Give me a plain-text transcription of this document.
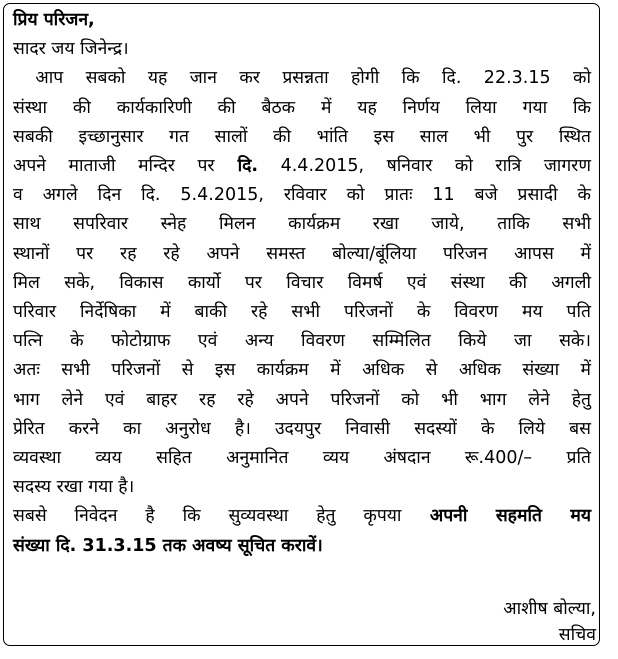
प्रिय परिजन,
सादर जय जिनेन्द्र।
आप सबको यह जान कर प्रसन्नता होगी कि दि. 22.3.15 को
संस्था की कार्यकारिणी की बैठक में यह निर्णय लिया गया कि
सबकी इच्छानुसार गत सालों की भांति इस साल भी पुर स्थित
अपने माताजी मन्दिर पर दि. 4.4.2015, षनिवार को रात्रि जागरण
व अगले दिन दि. 5.4.2015, रविवार को प्रातः 11 बजे प्रसादी के
साथ सपरिवार स्नेह मिलन कार्यक्रम रखा जाये, ताकि सभी
स्थानों पर रह रहे अपने समस्त बोल्या/बूंलिया परिजन आपस में
मिल सके, विकास कार्यो पर विचार विमर्ष एवं संस्था की अगली
परिवार निर्देषिका में बाकी रहे सभी परिजनों के विवरण मय पति
पत्नि के फोटोग्राफ एवं अन्य विवरण सम्मिलित किये जा सके।
अतः सभी परिजनों से इस कार्यक्रम में अधिक से अधिक संख्या में
भाग लेने एवं बाहर रह रहे अपने परिजनों को भी भाग लेने हेतु
प्रेरित करने का अनुरोध है। उदयपुर निवासी सदस्यों के लिये बस
व्यवस्था व्यय सहित अनुमानित व्यय अंषदान रू.400/– प्रति
सदस्य रखा गया है।
सबसे निवेदन है कि सुव्यवस्था हेतु कृपया अपनी सहमति मय
संख्या दि. 31.3.15 तक अवष्य सूचित करावें।
आशीष बोल्या,
सचिव
